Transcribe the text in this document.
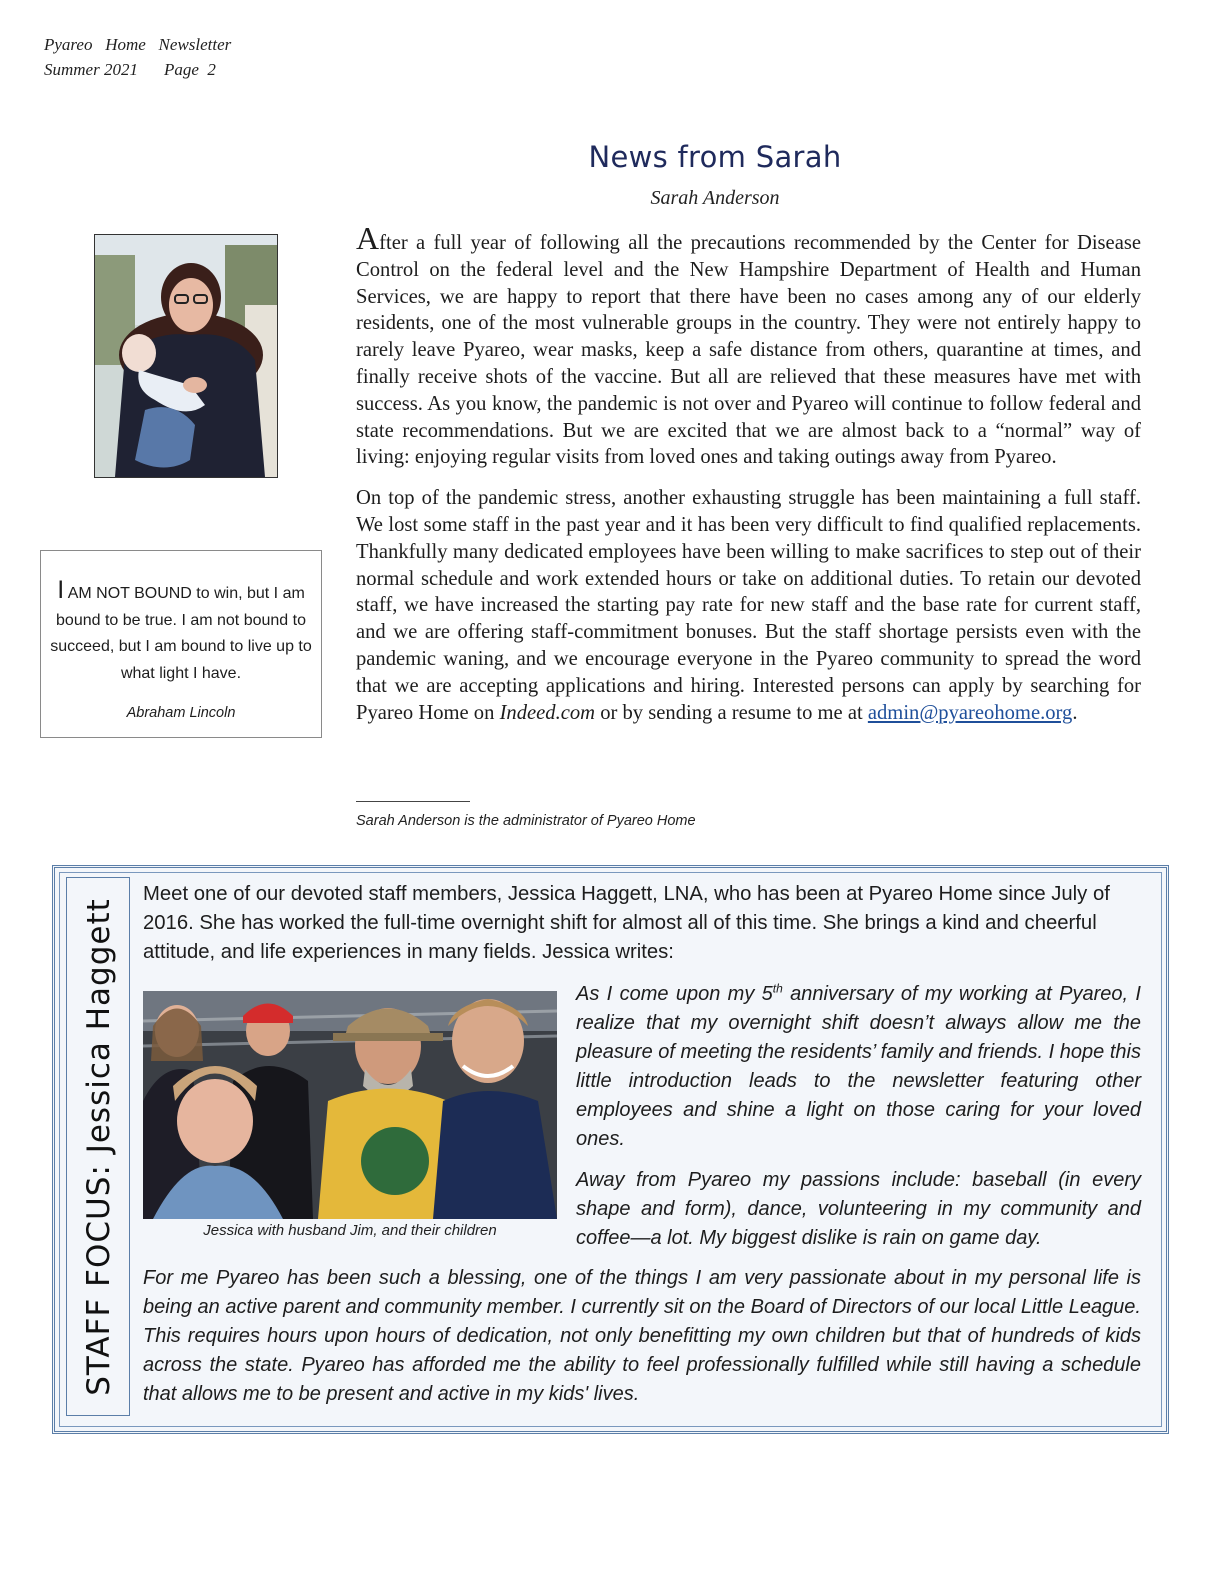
Pyareo   Home   Newsletter
Summer 2021 Page  2
News from Sarah
Sarah Anderson
I AM NOT BOUND to win, but I am bound to be true. I am not bound to succeed, but I am bound to live up to what light I have.
Abraham Lincoln

After a full year of following all the precautions recommended by the Center for Disease Control on the federal level and the New Hampshire Department of Health and Human Services, we are happy to report that there have been no cases among any of our elderly residents, one of the most vulnerable groups in the country. They were not entirely happy to rarely leave Pyareo, wear masks, keep a safe distance from others, quarantine at times, and finally receive shots of the vaccine. But all are relieved that these measures have met with success. As you know, the pandemic is not over and Pyareo will continue to follow federal and state recommendations. But we are excited that we are almost back to a “normal” way of living: enjoying regular visits from loved ones and taking outings away from Pyareo.

On top of the pandemic stress, another exhausting struggle has been maintaining a full staff. We lost some staff in the past year and it has been very difficult to find qualified replacements. Thankfully many dedicated employees have been willing to make sacrifices to step out of their normal schedule and work extended hours or take on additional duties. To retain our devoted staff, we have increased the starting pay rate for new staff and the base rate for current staff, and we are offering staff-commitment bonuses. But the staff shortage persists even with the pandemic waning, and we encourage everyone in the Pyareo community to spread the word that we are accepting applications and hiring. Interested persons can apply by searching for Pyareo Home on Indeed.com or by sending a resume to me at admin@pyareohome.org.

Sarah Anderson is the administrator of Pyareo Home
STAFF FOCUS: Jessica Haggett
Meet one of our devoted staff members, Jessica Haggett, LNA, who has been at Pyareo Home since July of 2016. She has worked the full-time overnight shift for almost all of this time. She brings a kind and cheerful attitude, and life experiences in many fields. Jessica writes:
Jessica with husband Jim, and their children

As I come upon my 5th anniversary of my working at Pyareo, I realize that my overnight shift doesn’t always allow me the pleasure of meeting the residents’ family and friends. I hope this little introduction leads to the newsletter featuring other employees and shine a light on those caring for your loved ones.

Away from Pyareo my passions include: baseball (in every shape and form), dance, volunteering in my community and coffee—a lot. My biggest dislike is rain on game day.

For me Pyareo has been such a blessing, one of the things I am very passionate about in my personal life is being an active parent and community member. I currently sit on the Board of Directors of our local Little League. This requires hours upon hours of dedication, not only benefitting my own children but that of hundreds of kids across the state. Pyareo has afforded me the ability to feel professionally fulfilled while still having a schedule that allows me to be present and active in my kids' lives.
